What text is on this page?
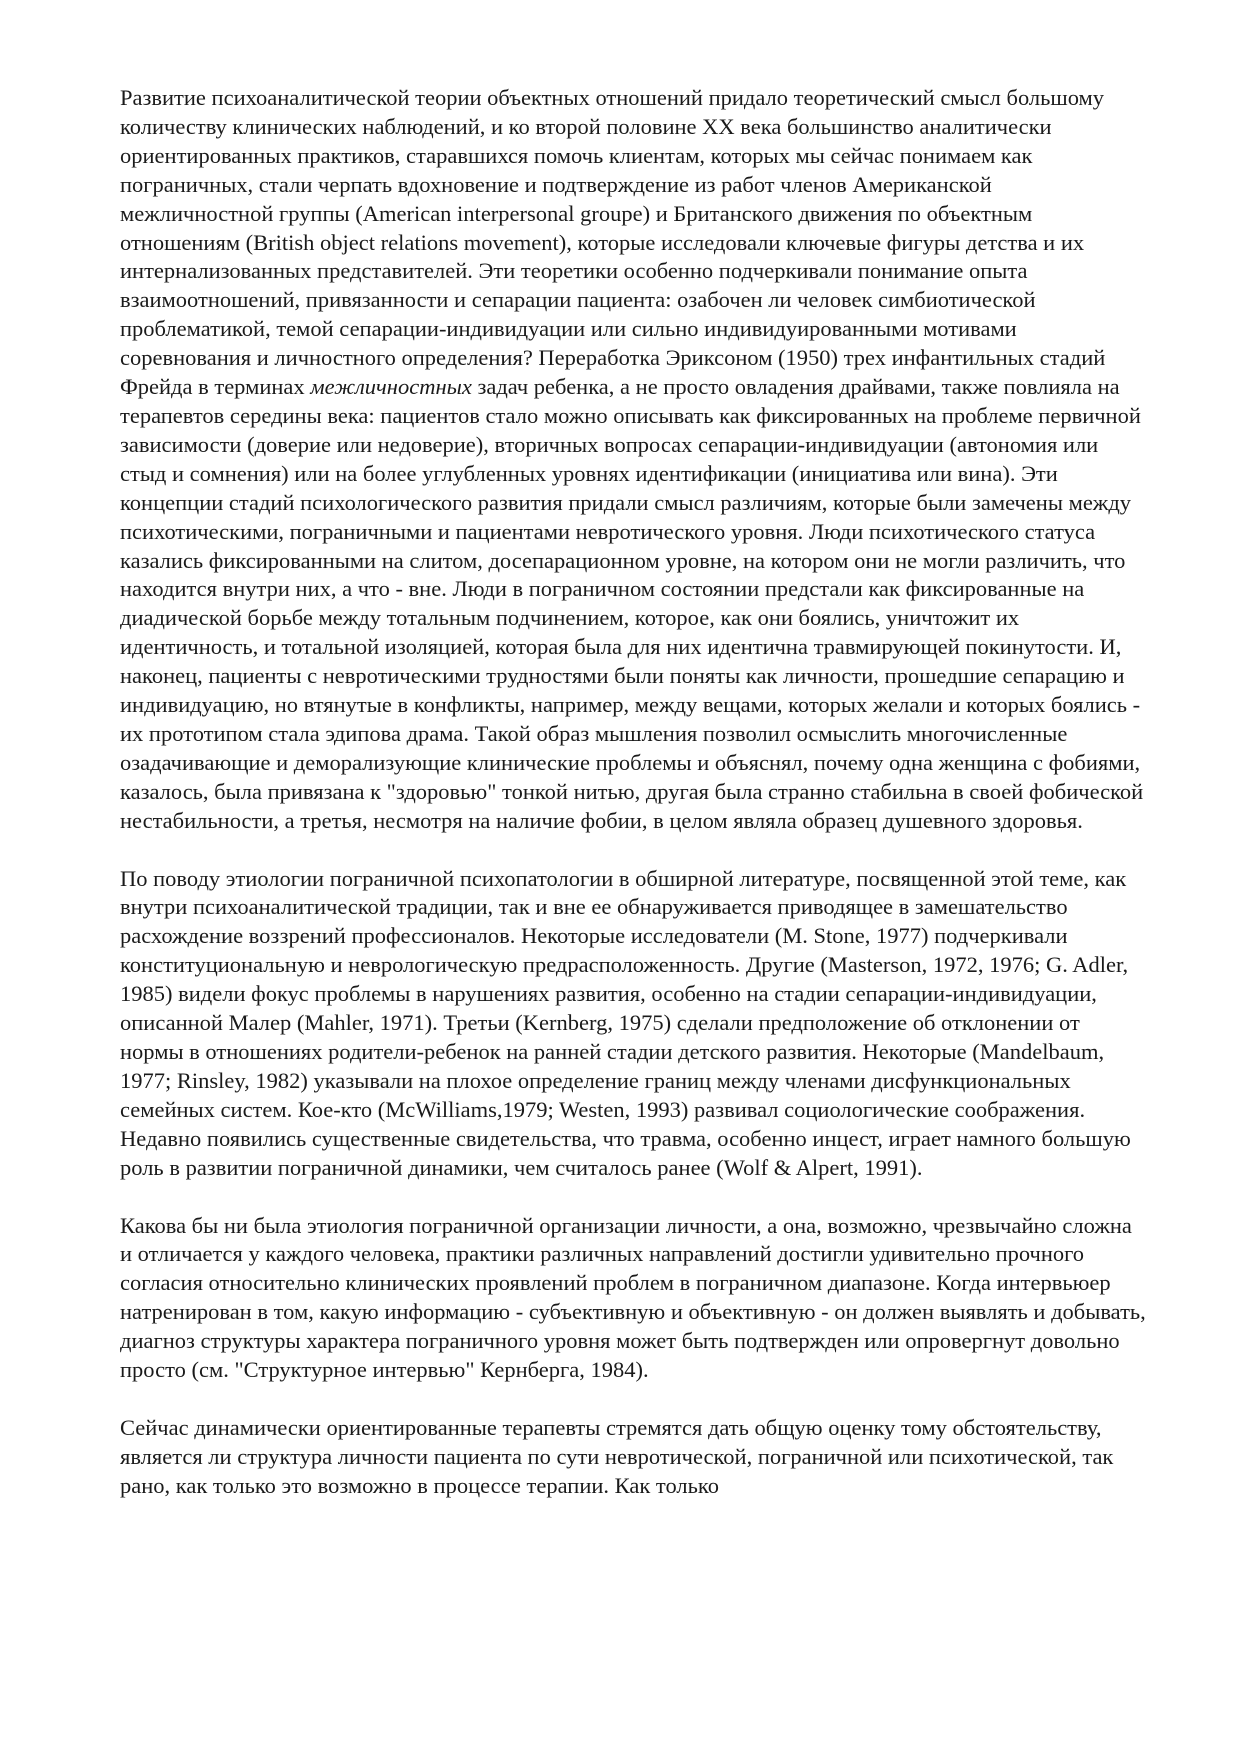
Развитие психоаналитической теории объектных отношений придало теоретический смысл большому количеству клинических наблюдений, и ко второй половине XX века большинство аналитически ориентированных практиков, старавшихся помочь клиентам, которых мы сейчас понимаем как пограничных, стали черпать вдохновение и подтверждение из работ членов Американской межличностной группы (American interpersonal groupe) и Британского движения по объектным отношениям (British object relations movement), которые исследовали ключевые фигуры детства и их интернализованных представителей. Эти теоретики особенно подчеркивали понимание опыта взаимоотношений, привязанности и сепарации пациента: озабочен ли человек симбиотической проблематикой, темой сепарации-индивидуации или сильно индивидуированными мотивами соревнования и личностного определения? Переработка Эриксоном (1950) трех инфантильных стадий Фрейда в терминах межличностных задач ребенка, а не просто овладения драйвами, также повлияла на терапевтов середины века: пациентов стало можно описывать как фиксированных на проблеме первичной зависимости (доверие или недоверие), вторичных вопросах сепарации-индивидуации (автономия или стыд и сомнения) или на более углубленных уровнях идентификации (инициатива или вина). Эти концепции стадий психологического развития придали смысл различиям, которые были замечены между психотическими, пограничными и пациентами невротического уровня. Люди психотического статуса казались фиксированными на слитом, досепарационном уровне, на котором они не могли различить, что находится внутри них, а что - вне. Люди в пограничном состоянии предстали как фиксированные на диадической борьбе между тотальным подчинением, которое, как они боялись, уничтожит их идентичность, и тотальной изоляцией, которая была для них идентична травмирующей покинутости. И, наконец, пациенты с невротическими трудностями были поняты как личности, прошедшие сепарацию и индивидуацию, но втянутые в конфликты, например, между вещами, которых желали и которых боялись - их прототипом стала эдипова драма. Такой образ мышления позволил осмыслить многочисленные озадачивающие и деморализующие клинические проблемы и объяснял, почему одна женщина с фобиями, казалось, была привязана к "здоровью" тонкой нитью, другая была странно стабильна в своей фобической нестабильности, а третья, несмотря на наличие фобии, в целом являла образец душевного здоровья.

По поводу этиологии пограничной психопатологии в обширной литературе, посвященной этой теме, как внутри психоаналитической традиции, так и вне ее обнаруживается приводящее в замешательство расхождение воззрений профессионалов. Некоторые исследователи (M. Stone, 1977) подчеркивали конституциональную и неврологическую предрасположенность. Другие (Masterson, 1972, 1976; G. Adler, 1985) видели фокус проблемы в нарушениях развития, особенно на стадии сепарации-индивидуации, описанной Малер (Mahler, 1971). Третьи (Kernberg, 1975) сделали предположение об отклонении от нормы в отношениях родители-ребенок на ранней стадии детского развития. Некоторые (Mandelbaum, 1977; Rinsley, 1982) указывали на плохое определение границ между членами дисфункциональных семейных систем. Кое-кто (McWilliams,1979; Westen, 1993) развивал социологические соображения. Недавно появились существенные свидетельства, что травма, особенно инцест, играет намного большую роль в развитии пограничной динамики, чем считалось ранее (Wolf & Alpert, 1991).

Какова бы ни была этиология пограничной организации личности, а она, возможно, чрезвычайно сложна и отличается у каждого человека, практики различных направлений достигли удивительно прочного согласия относительно клинических проявлений проблем в пограничном диапазоне. Когда интервьюер натренирован в том, какую информацию - субъективную и объективную - он должен выявлять и добывать, диагноз структуры характера пограничного уровня может быть подтвержден или опровергнут довольно просто (см. "Структурное интервью" Кернберга, 1984).

Сейчас динамически ориентированные терапевты стремятся дать общую оценку тому обстоятельству, является ли структура личности пациента по сути невротической, пограничной или психотической, так рано, как только это возможно в процессе терапии. Как только
